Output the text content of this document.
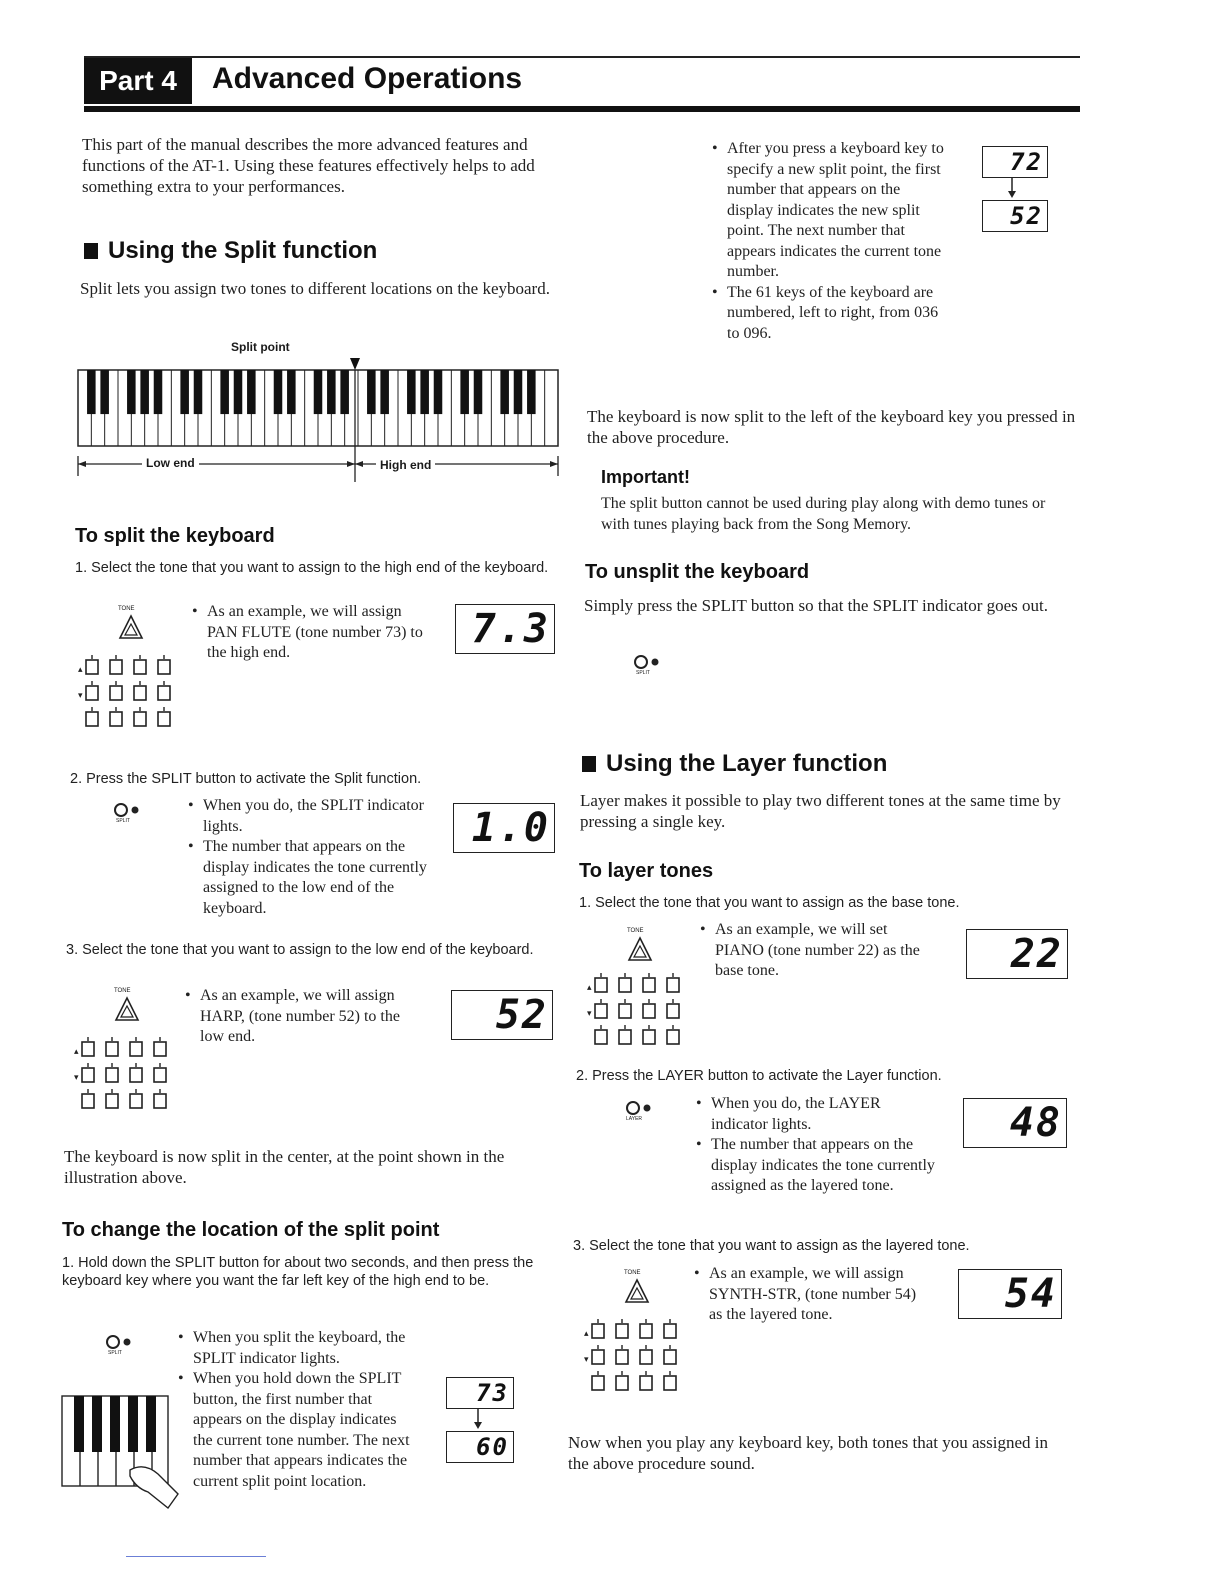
Part 4	Advanced Operations
This part of the manual describes the more advanced features and functions of the AT-1. Using these features effectively helps to add something extra to your performances.
Using the Split function
Split lets you assign two tones to different locations on the keyboard.
Split point
Low end	High end
To split the keyboard
1. Select the tone that you want to assign to the high end of the keyboard.
TONE
▴
▾
• As an example, we will assign PAN FLUTE (tone number 73) to the high end.
7.3
2. Press the SPLIT button to activate the Split function.
SPLIT
• When you do, the SPLIT indicator lights.
• The number that appears on the display indicates the tone currently assigned to the low end of the keyboard.
1.0
3. Select the tone that you want to assign to the low end of the keyboard.
TONE
▴
▾
• As an example, we will assign HARP, (tone number 52) to the low end.	52
The keyboard is now split in the center, at the point shown in the illustration above.
To change the location of the split point
1. Hold down the SPLIT button for about two seconds, and then press the keyboard key where you want the far left key of the high end to be.
SPLIT
• When you split the keyboard, the SPLIT indicator lights.
• When you hold down the SPLIT button, the first number that appears on the display indicates the current tone number. The next number that appears indicates the current split point location.
73
60
• After you press a keyboard key to specify a new split point, the first number that appears on the display indicates the new split point. The next number that appears indicates the current tone number.
• The 61 keys of the keyboard are numbered, left to right, from 036 to 096.
72
52
The keyboard is now split to the left of the keyboard key you pressed in the above procedure.
Important!
The split button cannot be used during play along with demo tunes or with tunes playing back from the Song Memory.
To unsplit the keyboard
Simply press the SPLIT button so that the SPLIT indicator goes out.
SPLIT
Using the Layer function
Layer makes it possible to play two different tones at the same time by pressing a single key.
To layer tones
1. Select the tone that you want to assign as the base tone.
TONE
▴
▾
• As an example, we will set PIANO (tone number 22) as the base tone.	22
2. Press the LAYER button to activate the Layer function.
LAYER
• When you do, the LAYER indicator lights.
• The number that appears on the display indicates the tone currently assigned as the layered tone.
48
3. Select the tone that you want to assign as the layered tone.
TONE
▴
▾
• As an example, we will assign SYNTH-STR, (tone number 54) as the layered tone.	54
Now when you play any keyboard key, both tones that you assigned in the above procedure sound.
